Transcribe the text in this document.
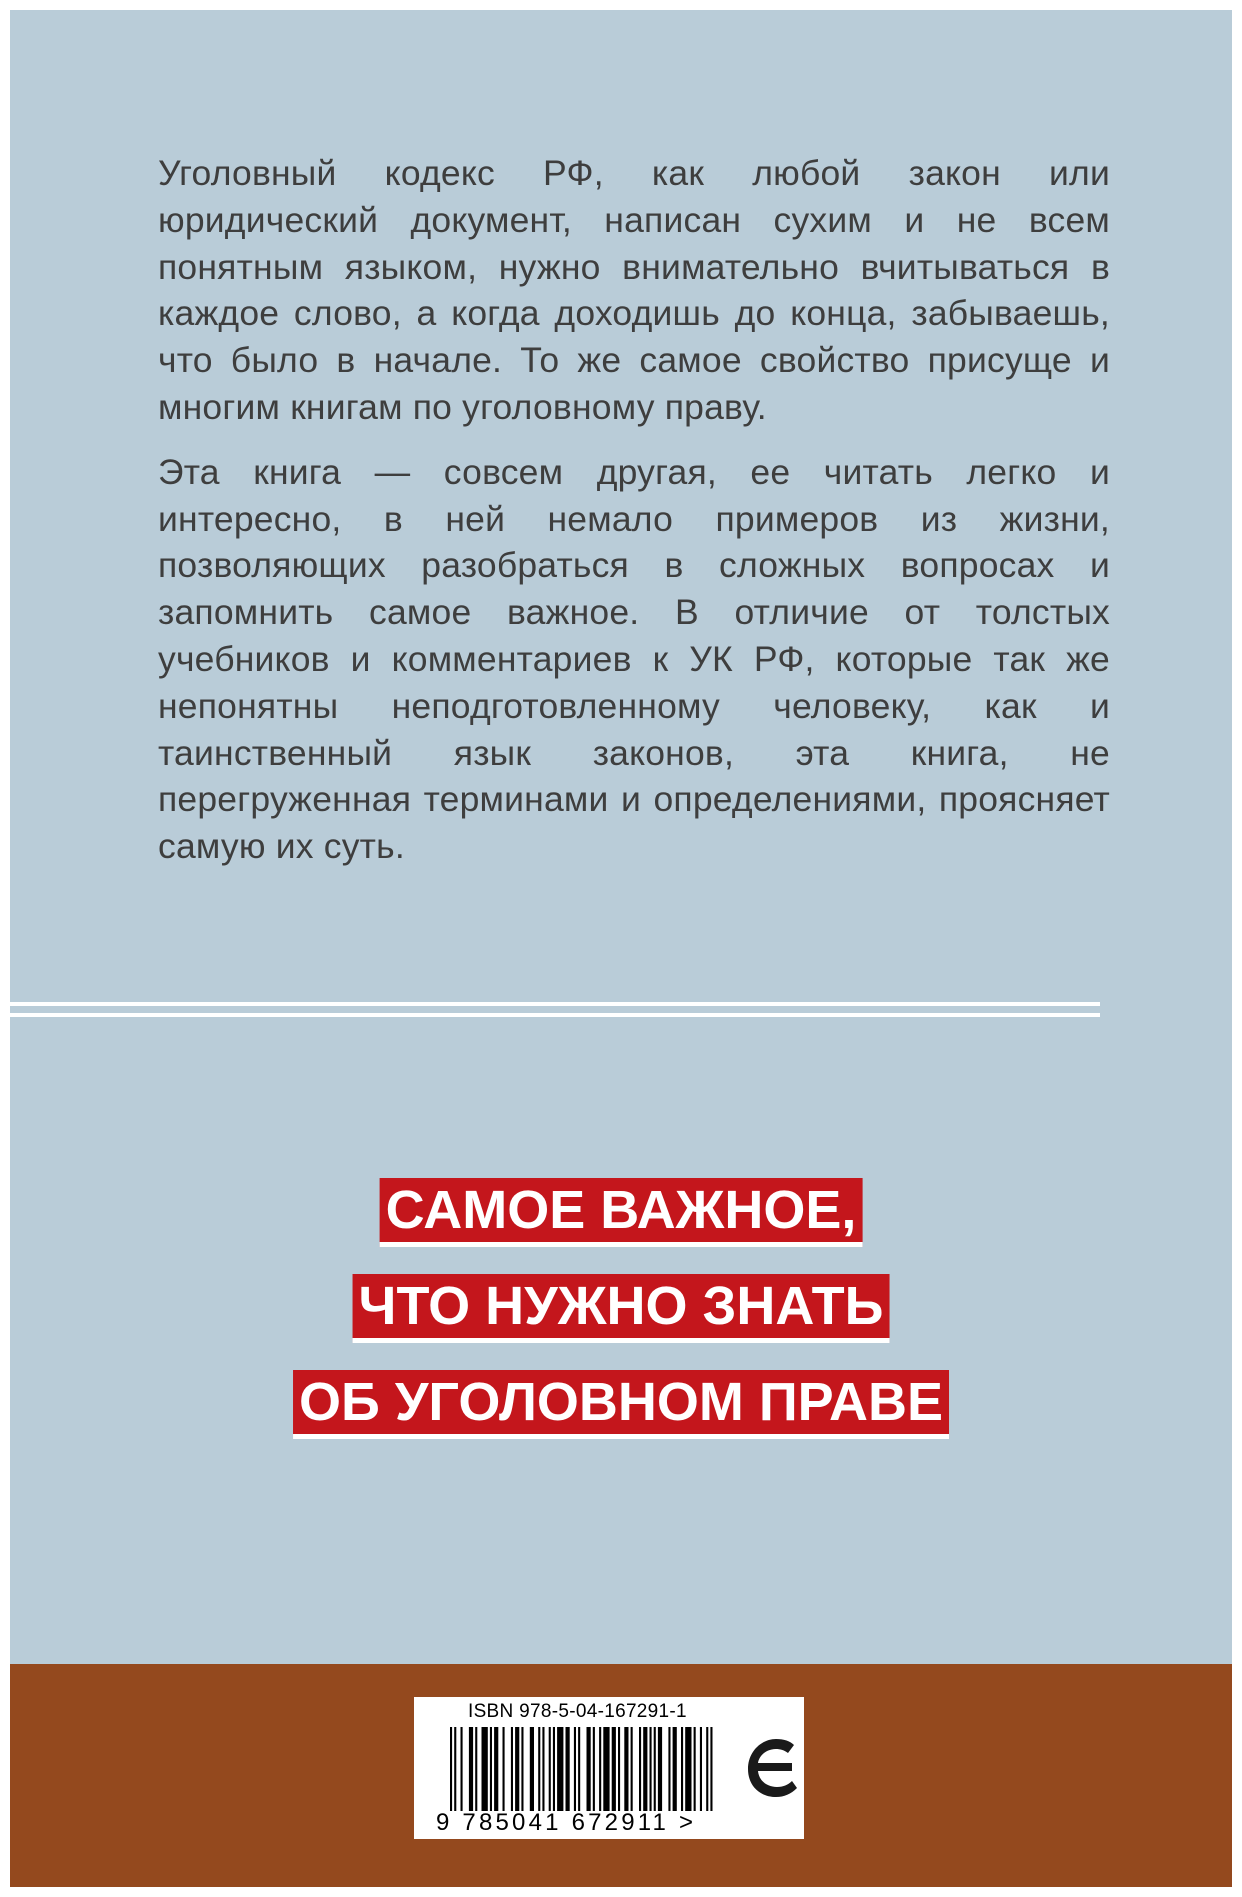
Уголовный кодекс РФ, как любой закон или юридический документ, написан сухим и не всем понятным языком, нужно внимательно вчитываться в каждое слово, а когда доходишь до конца, забываешь, что было в начале. То же самое свойство присуще и многим книгам по уголовному праву.

Эта книга — совсем другая, ее читать легко и интересно, в ней немало примеров из жизни, позволяющих разобраться в сложных вопросах и запомнить самое важное. В отличие от толстых учебников и комментариев к УК РФ, которые так же непонятны неподготовленному человеку, как и таинственный язык законов, эта книга, не перегруженная терминами и определениями, проясняет самую их суть.

САМОЕ ВАЖНОЕ,
ЧТО НУЖНО ЗНАТЬ
ОБ УГОЛОВНОМ ПРАВЕ
ISBN 978-5-04-167291-1
9 785041 672911 >
